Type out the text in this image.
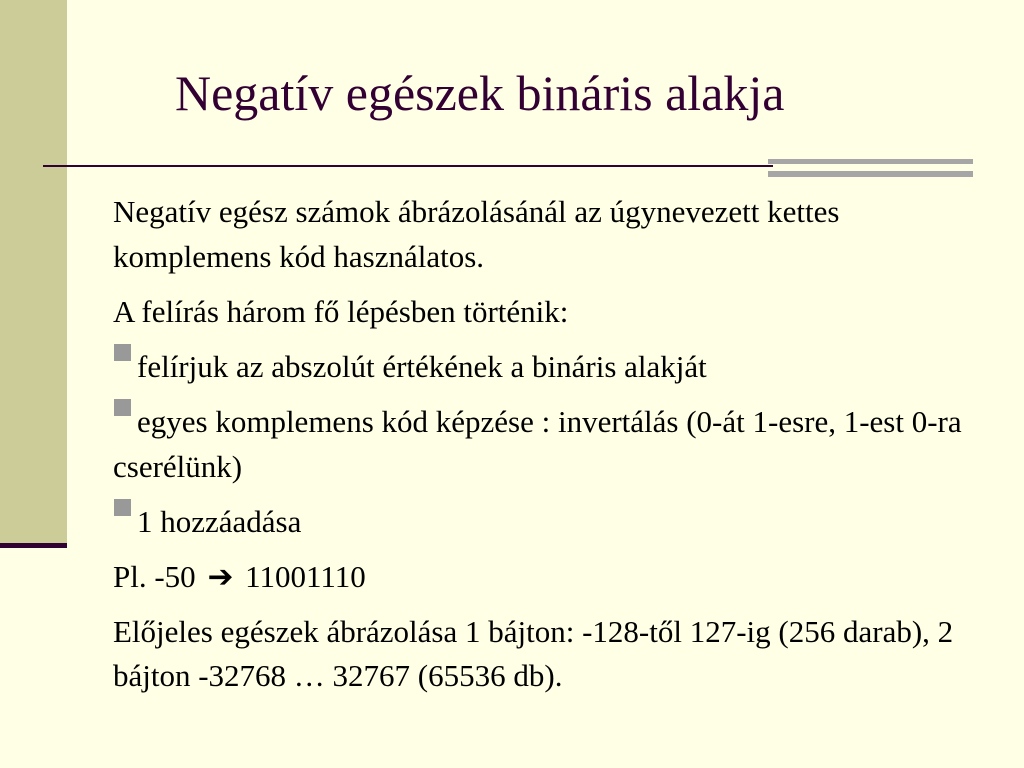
Negatív egészek bináris alakja

Negatív egész számok ábrázolásánál az úgynevezett kettes komplemens kód használatos.

A felírás három fő lépésben történik:

felírjuk az abszolút értékének a bináris alakját

egyes komplemens kód képzése : invertálás (0-át 1-esre, 1-est 0-ra cserélünk)

1 hozzáadása

Pl. -50 ➔ 11001110

Előjeles egészek ábrázolása 1 bájton: -128-től 127-ig (256 darab), 2 bájton -32768 … 32767 (65536 db).
